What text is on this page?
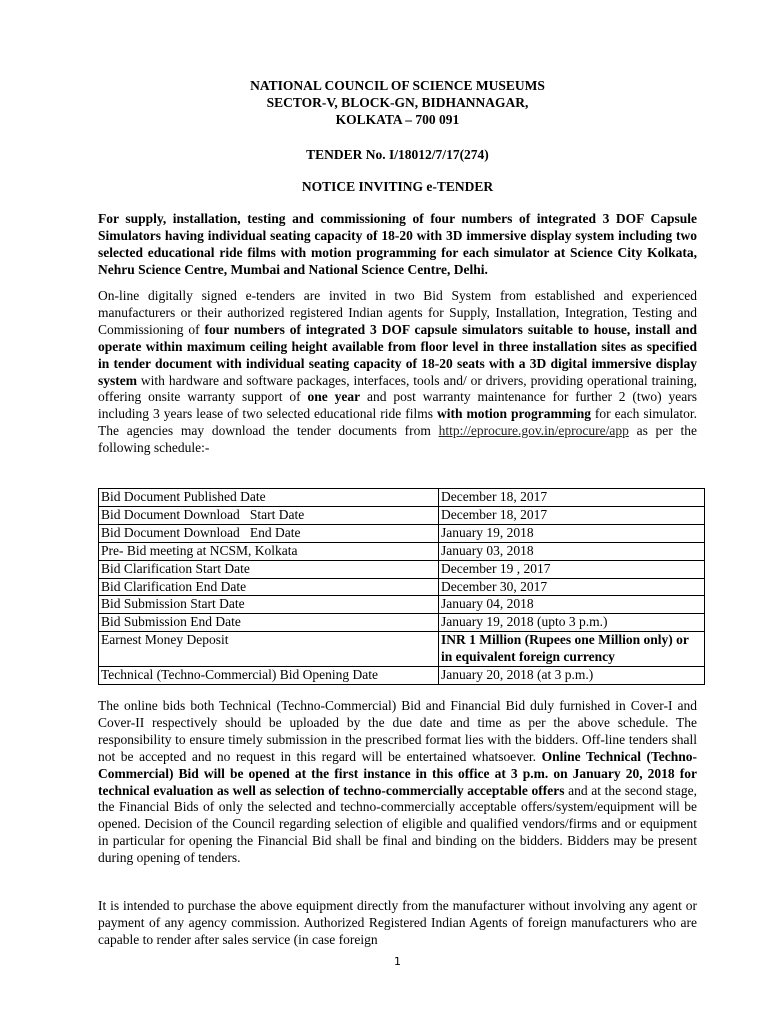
NATIONAL COUNCIL OF SCIENCE MUSEUMS
SECTOR-V, BLOCK-GN, BIDHANNAGAR,
KOLKATA – 700 091
TENDER No. I/18012/7/17(274)
NOTICE INVITING e-TENDER
For supply, installation, testing and commissioning of four numbers of integrated 3 DOF Capsule Simulators having individual seating capacity of 18-20 with 3D immersive display system including two selected educational ride films with motion programming for each simulator at Science City Kolkata, Nehru Science Centre, Mumbai and National Science Centre, Delhi.
On-line digitally signed e-tenders are invited in two Bid System from established and experienced manufacturers or their authorized registered Indian agents for Supply, Installation, Integration, Testing and Commissioning of four numbers of integrated 3 DOF capsule simulators suitable to house, install and operate within maximum ceiling height available from floor level in three installation sites as specified in tender document with individual seating capacity of 18-20 seats with a 3D digital immersive display system with hardware and software packages, interfaces, tools and/ or drivers, providing operational training, offering onsite warranty support of one year and post warranty maintenance for further 2 (two) years including 3 years lease of two selected educational ride films with motion programming for each simulator. The agencies may download the tender documents from http://eprocure.gov.in/eprocure/app as per the following schedule:-
Bid Document Published Date	December 18, 2017
Bid Document Download   Start Date	December 18, 2017
Bid Document Download   End Date	January 19, 2018
Pre- Bid meeting at NCSM, Kolkata	January 03, 2018
Bid Clarification Start Date	December 19 , 2017
Bid Clarification End Date	December 30, 2017
Bid Submission Start Date	January 04, 2018
Bid Submission End Date	January 19, 2018 (upto 3 p.m.)
Earnest Money Deposit	INR 1 Million (Rupees one Million only) or in equivalent foreign currency
Technical (Techno-Commercial) Bid Opening Date	January 20, 2018 (at 3 p.m.)
The online bids both Technical (Techno-Commercial) Bid and Financial Bid duly furnished in Cover-I and Cover-II respectively should be uploaded by the due date and time as per the above schedule. The responsibility to ensure timely submission in the prescribed format lies with the bidders. Off-line tenders shall not be accepted and no request in this regard will be entertained whatsoever. Online Technical (Techno-Commercial) Bid will be opened at the first instance in this office at 3 p.m. on January 20, 2018 for technical evaluation as well as selection of techno-commercially acceptable offers and at the second stage, the Financial Bids of only the selected and techno-commercially acceptable offers/system/equipment will be opened. Decision of the Council regarding selection of eligible and qualified vendors/firms and or equipment in particular for opening the Financial Bid shall be final and binding on the bidders. Bidders may be present during opening of tenders.
It is intended to purchase the above equipment directly from the manufacturer without involving any agent or payment of any agency commission. Authorized Registered Indian Agents of foreign manufacturers who are capable to render after sales service (in case foreign
1
